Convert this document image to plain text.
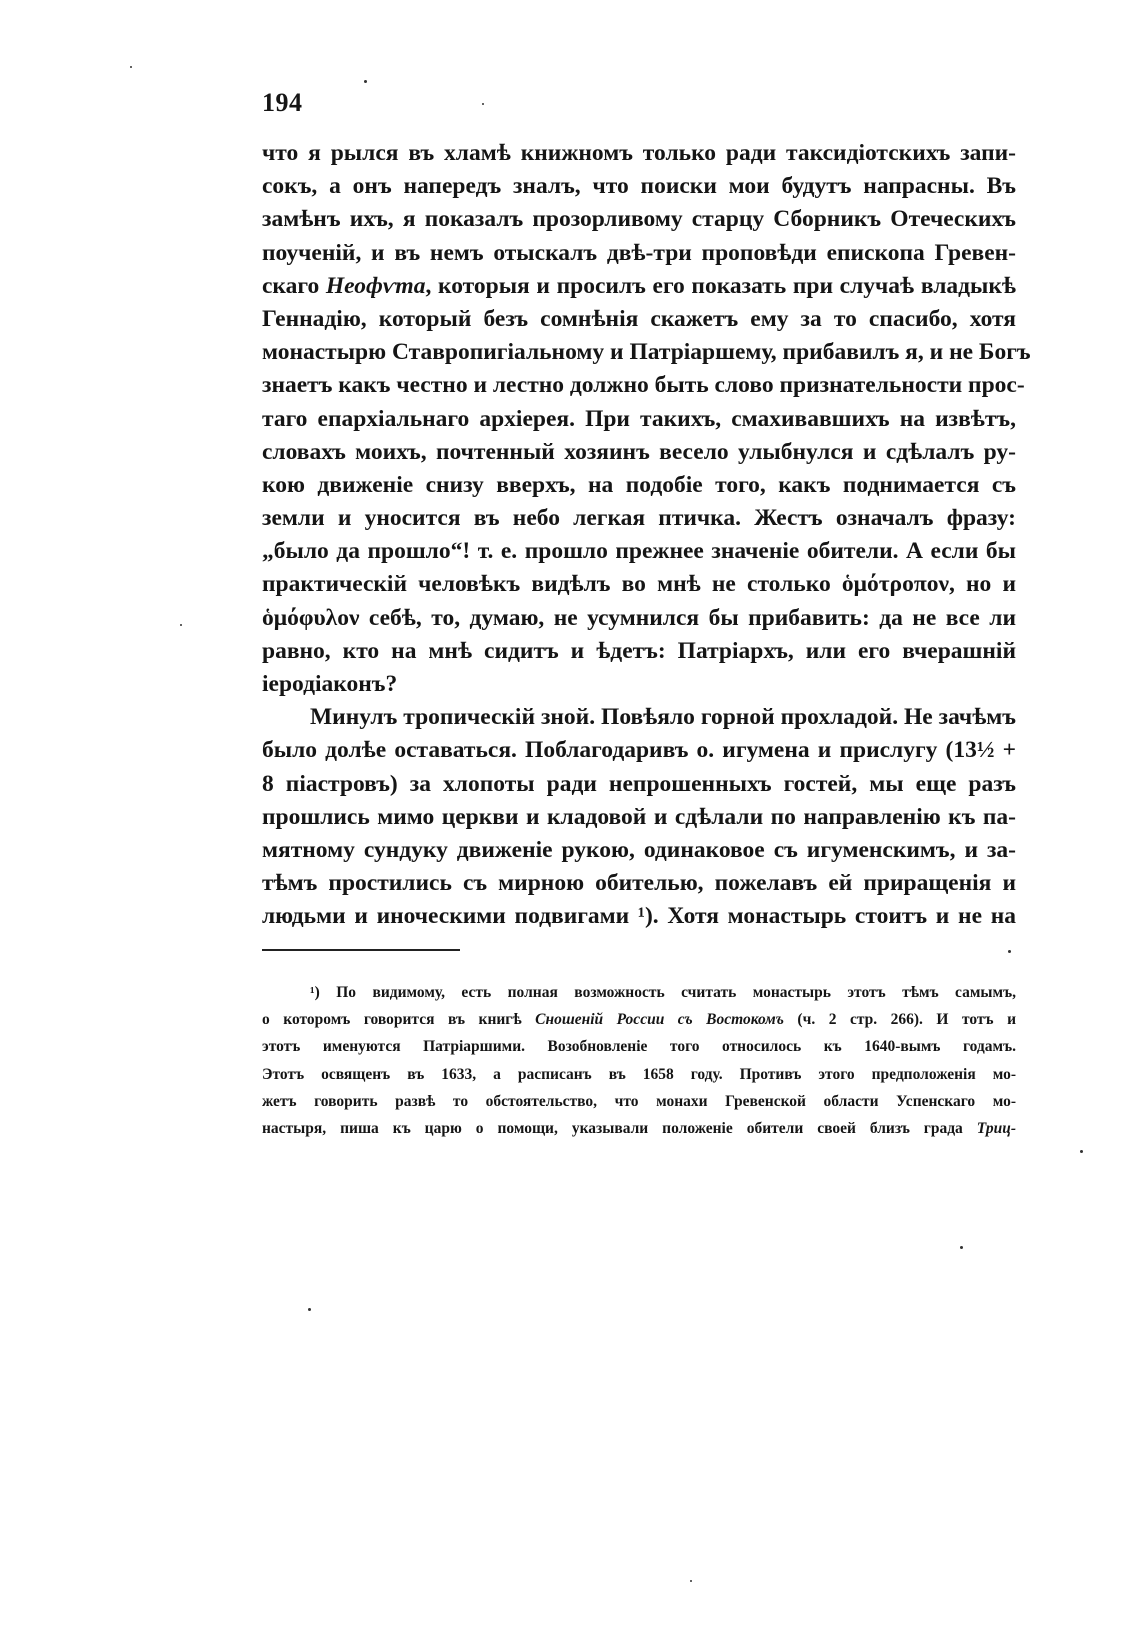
194
что я рылся въ хламѣ книжномъ только ради таксидіотскихъ запи-
сокъ, а онъ напередъ зналъ, что поиски мои будутъ напрасны. Въ
замѣнъ ихъ, я показалъ прозорливому старцу Сборникъ Отеческихъ
поученій, и въ немъ отыскалъ двѣ-три проповѣди епископа Гревен-
скаго Неофѵта, которыя и просилъ его показать при случаѣ владыкѣ
Геннадію, который безъ сомнѣнія скажетъ ему за то спасибо, хотя
монастырю Ставропигіальному и Патріаршему, прибавилъ я, и не Богъ
знаетъ какъ честно и лестно должно быть слово признательности прос-
таго епархіальнаго архіерея. При такихъ, смахивавшихъ на извѣтъ,
словахъ моихъ, почтенный хозяинъ весело улыбнулся и сдѣлалъ ру-
кою движеніе снизу вверхъ, на подобіе того, какъ поднимается съ
земли и уносится въ небо легкая птичка. Жестъ означалъ фразу:
„было да прошло“! т. е. прошло прежнее значеніе обители. А если бы
практическій человѣкъ видѣлъ во мнѣ не столько ὁμότροπον, но и
ὁμόφυλον себѣ, то, думаю, не усумнился бы прибавить: да не все ли
равно, кто на мнѣ сидитъ и ѣдетъ: Патріархъ, или его вчерашній
іеродіаконъ?
Минулъ тропическій зной. Повѣяло горной прохладой. Не зачѣмъ
было долѣе оставаться. Поблагодаривъ о. игумена и прислугу (13½ +
8 піастровъ) за хлопоты ради непрошенныхъ гостей, мы еще разъ
прошлись мимо церкви и кладовой и сдѣлали по направленію къ па-
мятному сундуку движеніе рукою, одинаковое съ игуменскимъ, и за-
тѣмъ простились съ мирною обителью, пожелавъ ей приращенія и
людьми и иноческими подвигами ¹). Хотя монастырь стоитъ и не на
¹) По видимому, есть полная возможность считать монастырь этотъ тѣмъ самымъ,
о которомъ говорится въ книгѣ Сношеній России съ Востокомъ (ч. 2 стр. 266). И тотъ и
этотъ именуются Патріаршими. Возобновленіе того относилось къ 1640-вымъ годамъ.
Этотъ освященъ въ 1633, а расписанъ въ 1658 году. Противъ этого предположенія мо-
жетъ говорить развѣ то обстоятельство, что монахи Гревенской области Успенскаго мо-
настыря, пиша къ царю о помощи, указывали положеніе обители своей близъ града Триц-
